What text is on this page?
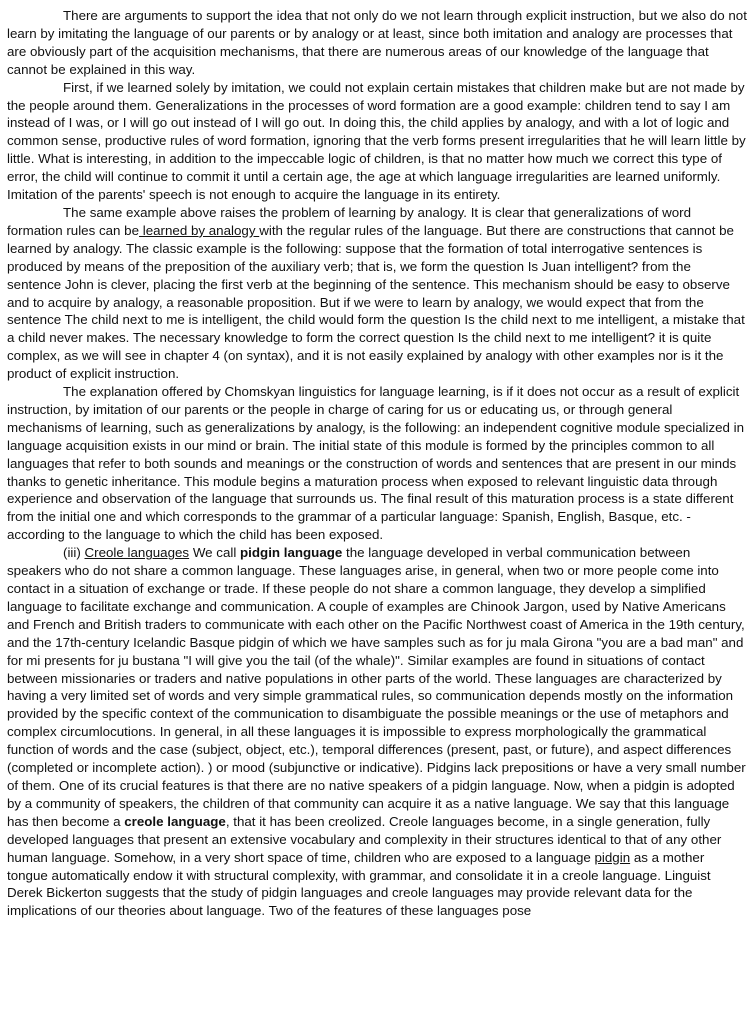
There are arguments to support the idea that not only do we not learn through explicit instruction, but we also do not learn by imitating the language of our parents or by analogy or at least, since both imitation and analogy are processes that are obviously part of the acquisition mechanisms, that there are numerous areas of our knowledge of the language that cannot be explained in this way.

First, if we learned solely by imitation, we could not explain certain mistakes that children make but are not made by the people around them. Generalizations in the processes of word formation are a good example: children tend to say I am instead of I was, or I will go out instead of I will go out. In doing this, the child applies by analogy, and with a lot of logic and common sense, productive rules of word formation, ignoring that the verb forms present irregularities that he will learn little by little. What is interesting, in addition to the impeccable logic of children, is that no matter how much we correct this type of error, the child will continue to commit it until a certain age, the age at which language irregularities are learned uniformly. Imitation of the parents' speech is not enough to acquire the language in its entirety.

The same example above raises the problem of learning by analogy. It is clear that generalizations of word formation rules can be learned by analogy with the regular rules of the language. But there are constructions that cannot be learned by analogy. The classic example is the following: suppose that the formation of total interrogative sentences is produced by means of the preposition of the auxiliary verb; that is, we form the question Is Juan intelligent? from the sentence John is clever, placing the first verb at the beginning of the sentence. This mechanism should be easy to observe and to acquire by analogy, a reasonable proposition. But if we were to learn by analogy, we would expect that from the sentence The child next to me is intelligent, the child would form the question Is the child next to me intelligent, a mistake that a child never makes. The necessary knowledge to form the correct question Is the child next to me intelligent? it is quite complex, as we will see in chapter 4 (on syntax), and it is not easily explained by analogy with other examples nor is it the product of explicit instruction.

The explanation offered by Chomskyan linguistics for language learning, is if it does not occur as a result of explicit instruction, by imitation of our parents or the people in charge of caring for us or educating us, or through general mechanisms of learning, such as generalizations by analogy, is the following: an independent cognitive module specialized in language acquisition exists in our mind or brain. The initial state of this module is formed by the principles common to all languages that refer to both sounds and meanings or the construction of words and sentences that are present in our minds thanks to genetic inheritance. This module begins a maturation process when exposed to relevant linguistic data through experience and observation of the language that surrounds us. The final result of this maturation process is a state different from the initial one and which corresponds to the grammar of a particular language: Spanish, English, Basque, etc. -according to the language to which the child has been exposed.

(iii) Creole languages We call pidgin language the language developed in verbal communication between speakers who do not share a common language. These languages arise, in general, when two or more people come into contact in a situation of exchange or trade. If these people do not share a common language, they develop a simplified language to facilitate exchange and communication. A couple of examples are Chinook Jargon, used by Native Americans and French and British traders to communicate with each other on the Pacific Northwest coast of America in the 19th century, and the 17th-century Icelandic Basque pidgin of which we have samples such as for ju mala Girona "you are a bad man" and for mi presents for ju bustana "I will give you the tail (of the whale)". Similar examples are found in situations of contact between missionaries or traders and native populations in other parts of the world. These languages are characterized by having a very limited set of words and very simple grammatical rules, so communication depends mostly on the information provided by the specific context of the communication to disambiguate the possible meanings or the use of metaphors and complex circumlocutions. In general, in all these languages it is impossible to express morphologically the grammatical function of words and the case (subject, object, etc.), temporal differences (present, past, or future), and aspect differences (completed or incomplete action). ) or mood (subjunctive or indicative). Pidgins lack prepositions or have a very small number of them. One of its crucial features is that there are no native speakers of a pidgin language. Now, when a pidgin is adopted by a community of speakers, the children of that community can acquire it as a native language. We say that this language has then become a creole language, that it has been creolized. Creole languages become, in a single generation, fully developed languages that present an extensive vocabulary and complexity in their structures identical to that of any other human language. Somehow, in a very short space of time, children who are exposed to a language pidgin as a mother tongue automatically endow it with structural complexity, with grammar, and consolidate it in a creole language. Linguist Derek Bickerton suggests that the study of pidgin languages and creole languages may provide relevant data for the implications of our theories about language. Two of the features of these languages pose
